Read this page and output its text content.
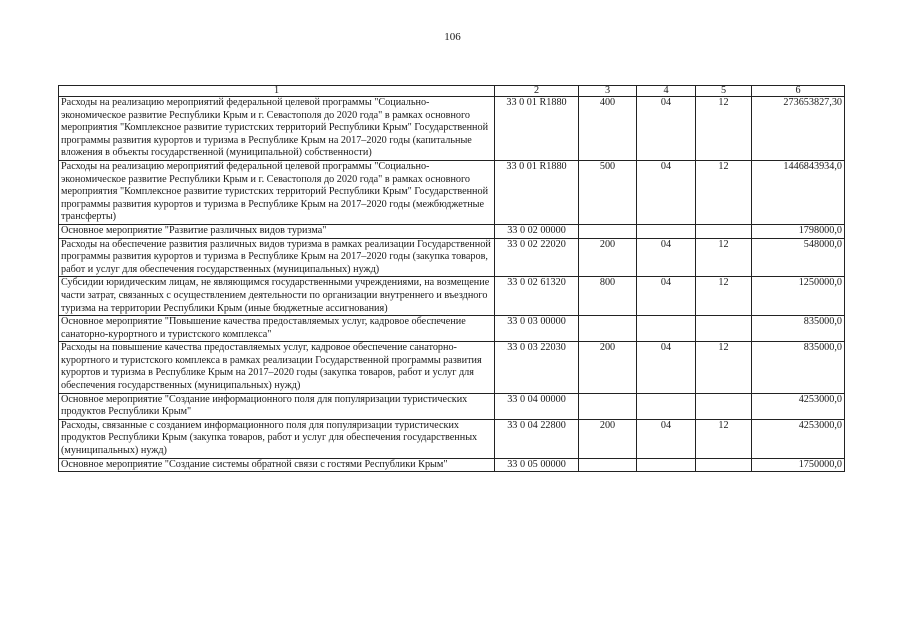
106
1	2	3	4	5	6
Расходы на реализацию мероприятий федеральной целевой программы "Социально-экономическое развитие Республики Крым и г. Севастополя до 2020 года" в рамках основного мероприятия "Комплексное развитие туристских территорий Республики Крым" Государственной программы развития курортов и туризма в Республике Крым на 2017–2020 годы (капитальные вложения в объекты государственной (муниципальной) собственности)	33 0 01 R1880	400	04	12	273653827,30
Расходы на реализацию мероприятий федеральной целевой программы "Социально-экономическое развитие Республики Крым и г. Севастополя до 2020 года" в рамках основного мероприятия "Комплексное развитие туристских территорий Республики Крым" Государственной программы развития курортов и туризма в Республике Крым на 2017–2020 годы (межбюджетные трансферты)	33 0 01 R1880	500	04	12	1446843934,0
Основное мероприятие "Развитие различных видов туризма"	33 0 02 00000				1798000,0
Расходы на обеспечение развития различных видов туризма в рамках реализации Государственной программы развития курортов и туризма в Республике Крым на 2017–2020 годы (закупка товаров, работ и услуг для обеспечения государственных (муниципальных) нужд)	33 0 02 22020	200	04	12	548000,0
Субсидии юридическим лицам, не являющимся государственными учреждениями, на возмещение части затрат, связанных с осуществлением деятельности по организации внутреннего и въездного туризма на территории Республики Крым (иные бюджетные ассигнования)	33 0 02 61320	800	04	12	1250000,0
Основное мероприятие "Повышение качества предоставляемых услуг, кадровое обеспечение санаторно-курортного и туристского комплекса"	33 0 03 00000				835000,0
Расходы на повышение качества предоставляемых услуг, кадровое обеспечение санаторно-курортного и туристского комплекса в рамках реализации Государственной программы развития курортов и туризма в Республике Крым на 2017–2020 годы (закупка товаров, работ и услуг для обеспечения государственных (муниципальных) нужд)	33 0 03 22030	200	04	12	835000,0
Основное мероприятие "Создание информационного поля для популяризации туристических продуктов Республики Крым"	33 0 04 00000				4253000,0
Расходы, связанные с созданием информационного поля для популяризации туристических продуктов Республики Крым (закупка товаров, работ и услуг для обеспечения государственных (муниципальных) нужд)	33 0 04 22800	200	04	12	4253000,0
Основное мероприятие "Создание системы обратной связи с гостями Республики Крым"	33 0 05 00000				1750000,0
